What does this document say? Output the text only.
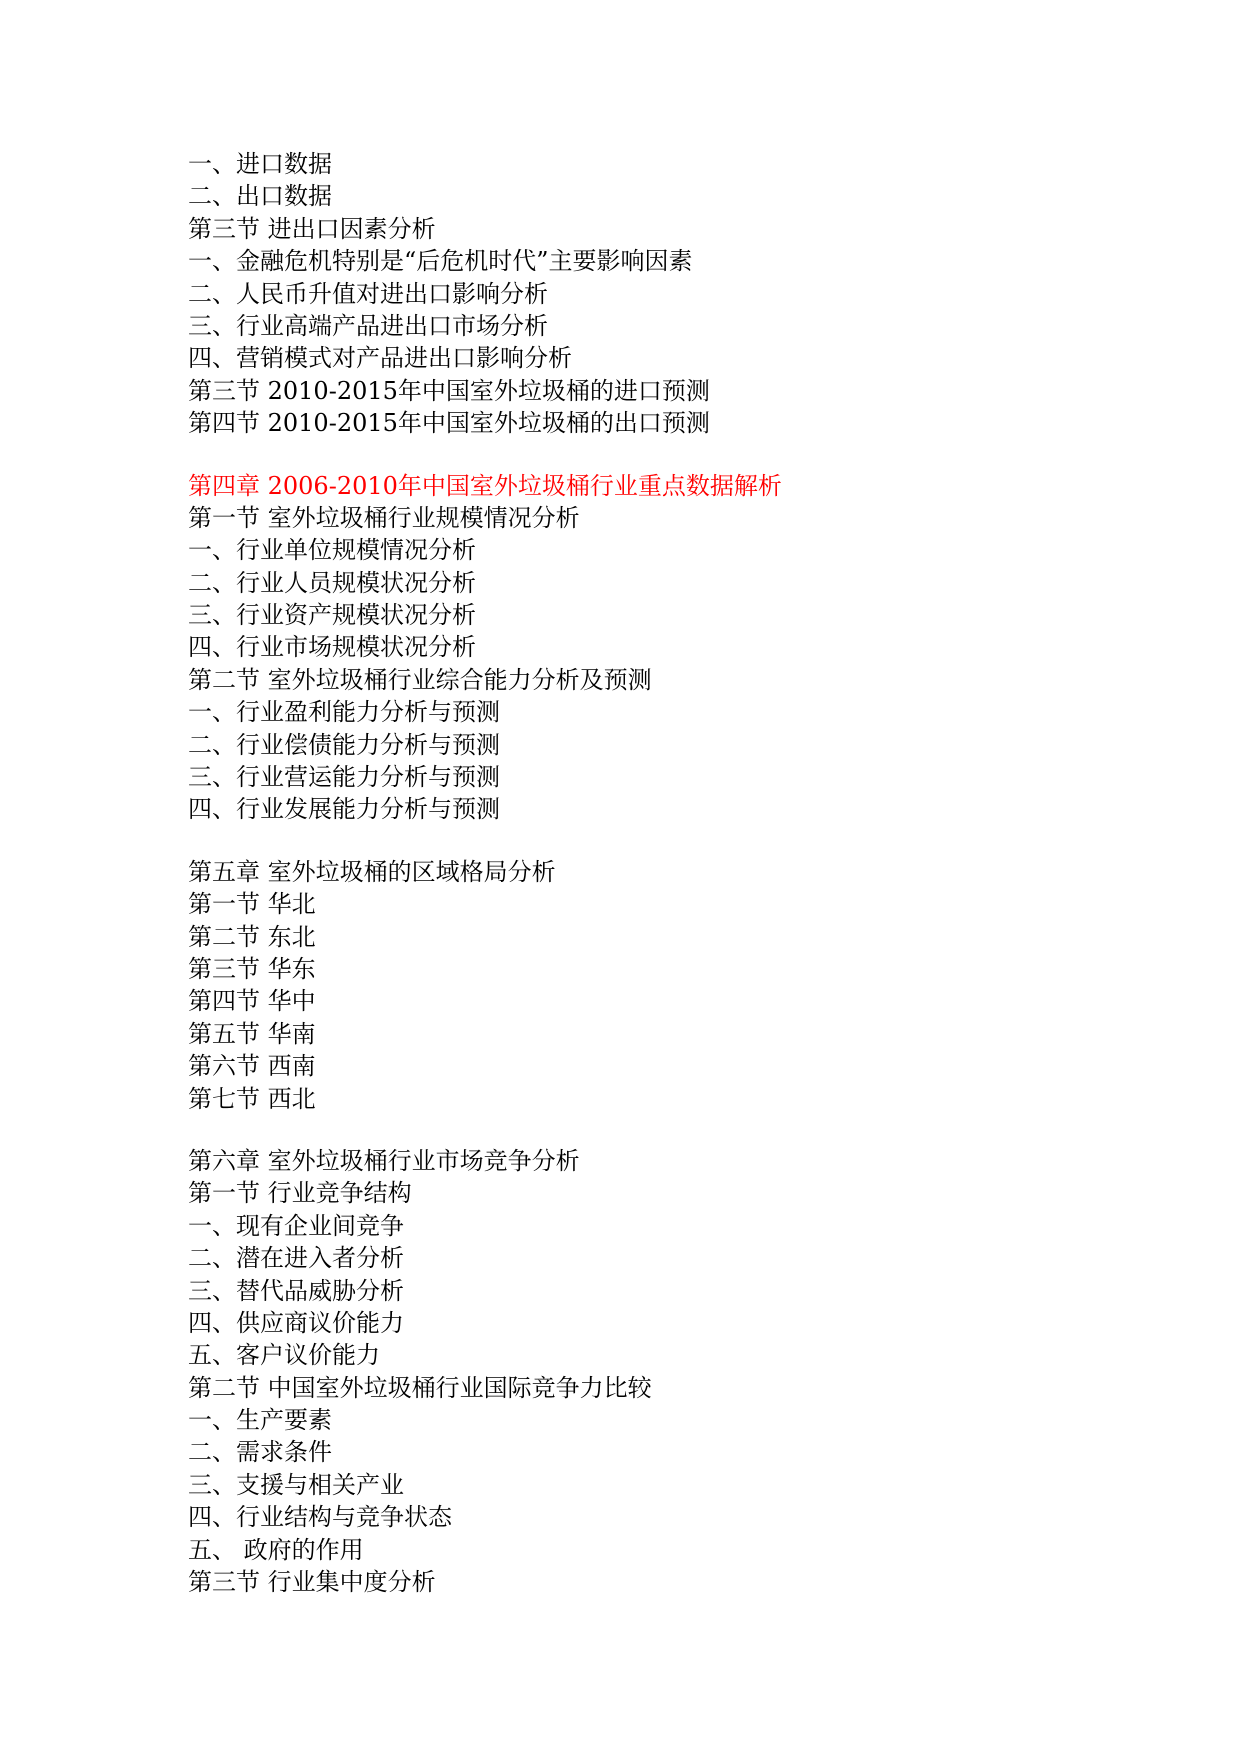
一、进口数据
二、出口数据
第三节 进出口因素分析
一、金融危机特别是“后危机时代”主要影响因素
二、人民币升值对进出口影响分析
三、行业高端产品进出口市场分析
四、营销模式对产品进出口影响分析
第三节 2010-2015年中国室外垃圾桶的进口预测
第四节 2010-2015年中国室外垃圾桶的出口预测
第四章 2006-2010年中国室外垃圾桶行业重点数据解析
第一节 室外垃圾桶行业规模情况分析
一、行业单位规模情况分析
二、行业人员规模状况分析
三、行业资产规模状况分析
四、行业市场规模状况分析
第二节 室外垃圾桶行业综合能力分析及预测
一、行业盈利能力分析与预测
二、行业偿债能力分析与预测
三、行业营运能力分析与预测
四、行业发展能力分析与预测
第五章 室外垃圾桶的区域格局分析
第一节 华北
第二节 东北
第三节 华东
第四节 华中
第五节 华南
第六节 西南
第七节 西北
第六章 室外垃圾桶行业市场竞争分析
第一节 行业竞争结构
一、现有企业间竞争
二、潜在进入者分析
三、替代品威胁分析
四、供应商议价能力
五、客户议价能力
第二节 中国室外垃圾桶行业国际竞争力比较
一、生产要素
二、需求条件
三、支援与相关产业
四、行业结构与竞争状态
五、 政府的作用
第三节 行业集中度分析
